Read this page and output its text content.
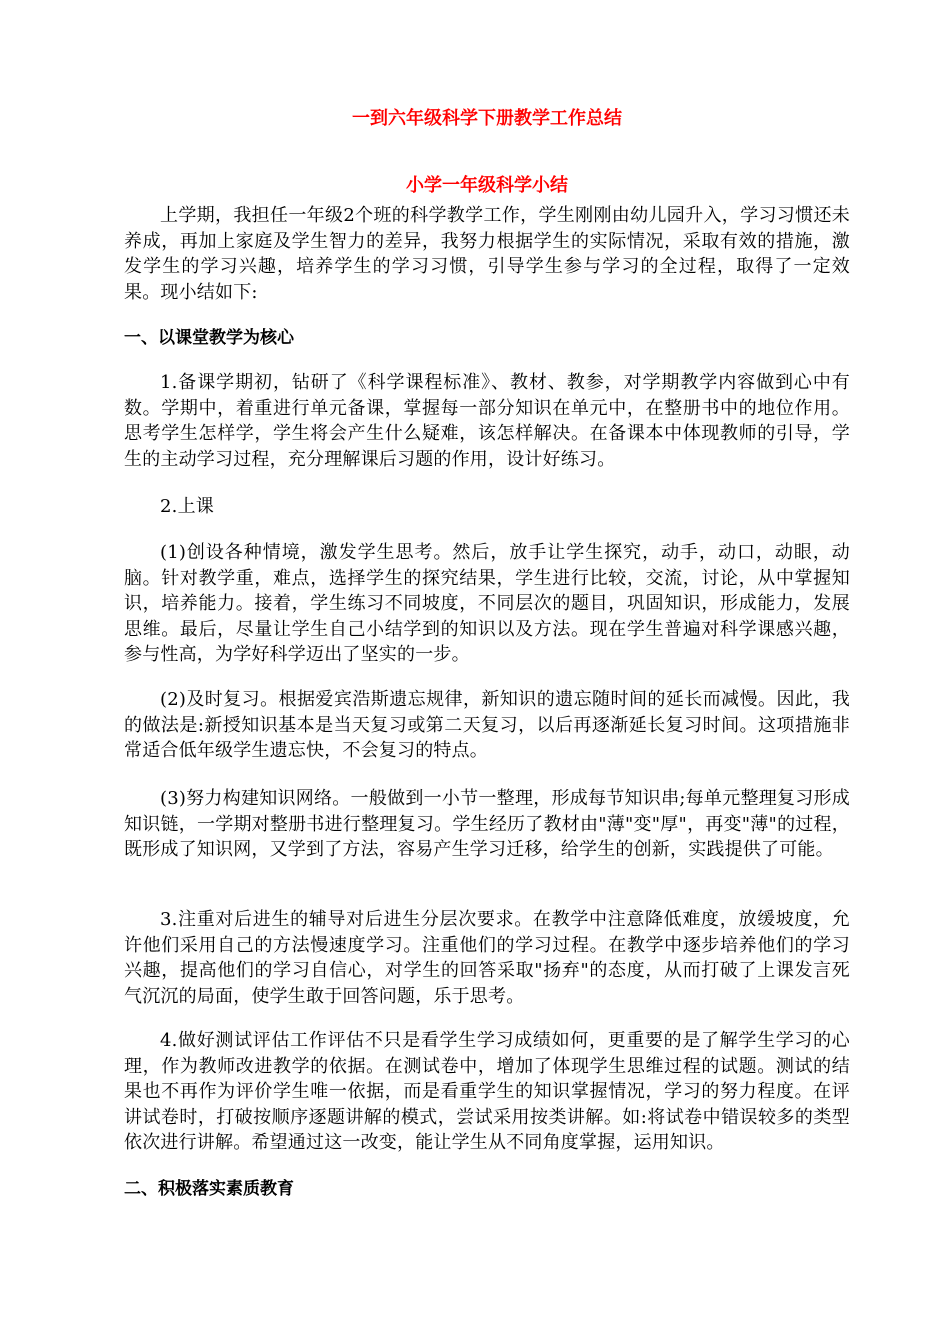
一到六年级科学下册教学工作总结
小学一年级科学小结

上学期，我担任一年级2个班的科学教学工作，学生刚刚由幼儿园升入，学习习惯还未养成，再加上家庭及学生智力的差异，我努力根据学生的实际情况，采取有效的措施，激发学生的学习兴趣，培养学生的学习习惯，引导学生参与学习的全过程，取得了一定效果。现小结如下:

一、以课堂教学为核心

1.备课学期初，钻研了《科学课程标准》、教材、教参，对学期教学内容做到心中有数。学期中，着重进行单元备课，掌握每一部分知识在单元中，在整册书中的地位作用。思考学生怎样学，学生将会产生什么疑难，该怎样解决。在备课本中体现教师的引导，学生的主动学习过程，充分理解课后习题的作用，设计好练习。

2.上课

(1)创设各种情境，激发学生思考。然后，放手让学生探究，动手，动口，动眼，动脑。针对教学重，难点，选择学生的探究结果，学生进行比较，交流，讨论，从中掌握知识，培养能力。接着，学生练习不同坡度，不同层次的题目，巩固知识，形成能力，发展思维。最后，尽量让学生自己小结学到的知识以及方法。现在学生普遍对科学课感兴趣，参与性高，为学好科学迈出了坚实的一步。

(2)及时复习。根据爱宾浩斯遗忘规律，新知识的遗忘随时间的延长而减慢。因此，我的做法是:新授知识基本是当天复习或第二天复习，以后再逐渐延长复习时间。这项措施非常适合低年级学生遗忘快，不会复习的特点。

(3)努力构建知识网络。一般做到一小节一整理，形成每节知识串;每单元整理复习形成知识链，一学期对整册书进行整理复习。学生经历了教材由"薄"变"厚"，再变"薄"的过程，既形成了知识网，又学到了方法，容易产生学习迁移，给学生的创新，实践提供了可能。

3.注重对后进生的辅导对后进生分层次要求。在教学中注意降低难度，放缓坡度，允许他们采用自己的方法慢速度学习。注重他们的学习过程。在教学中逐步培养他们的学习兴趣，提高他们的学习自信心，对学生的回答采取"扬弃"的态度，从而打破了上课发言死气沉沉的局面，使学生敢于回答问题，乐于思考。

4.做好测试评估工作评估不只是看学生学习成绩如何，更重要的是了解学生学习的心理，作为教师改进教学的依据。在测试卷中，增加了体现学生思维过程的试题。测试的结果也不再作为评价学生唯一依据，而是看重学生的知识掌握情况，学习的努力程度。在评讲试卷时，打破按顺序逐题讲解的模式，尝试采用按类讲解。如:将试卷中错误较多的类型依次进行讲解。希望通过这一改变，能让学生从不同角度掌握，运用知识。

二、积极落实素质教育
